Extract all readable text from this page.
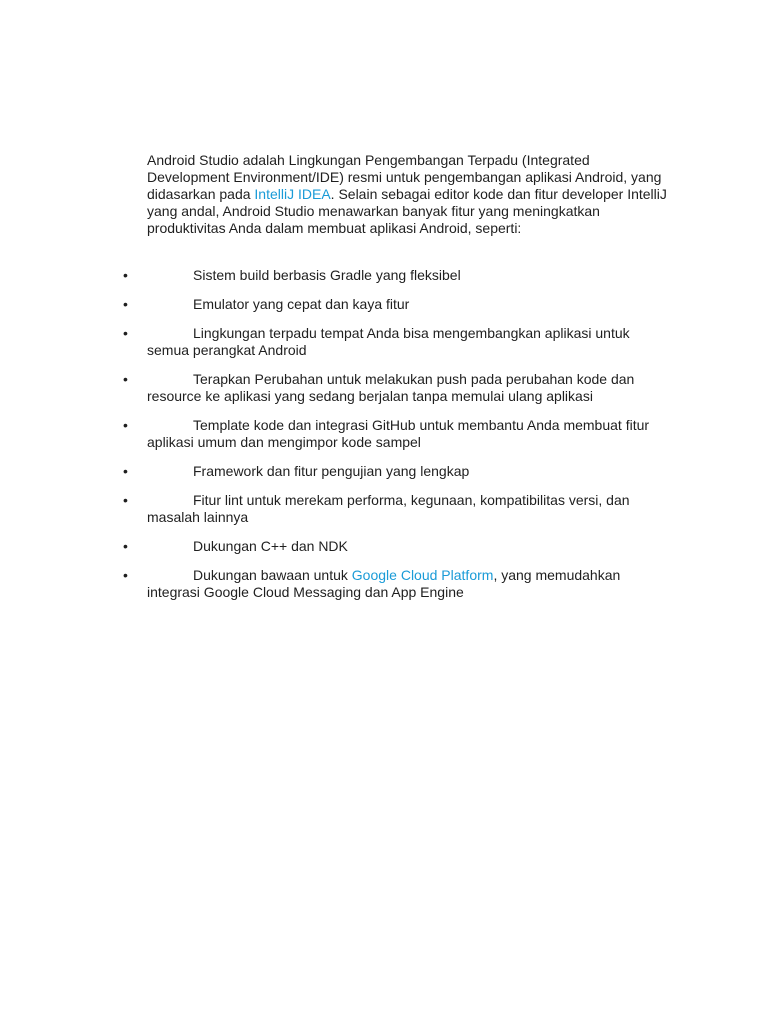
Android Studio adalah Lingkungan Pengembangan Terpadu (Integrated Development Environment/IDE) resmi untuk pengembangan aplikasi Android, yang didasarkan pada IntelliJ IDEA. Selain sebagai editor kode dan fitur developer IntelliJ yang andal, Android Studio menawarkan banyak fitur yang meningkatkan produktivitas Anda dalam membuat aplikasi Android, seperti:

•	Sistem build berbasis Gradle yang fleksibel
•	Emulator yang cepat dan kaya fitur
•	Lingkungan terpadu tempat Anda bisa mengembangkan aplikasi untuk semua perangkat Android
•	Terapkan Perubahan untuk melakukan push pada perubahan kode dan resource ke aplikasi yang sedang berjalan tanpa memulai ulang aplikasi
•	Template kode dan integrasi GitHub untuk membantu Anda membuat fitur aplikasi umum dan mengimpor kode sampel
•	Framework dan fitur pengujian yang lengkap
•	Fitur lint untuk merekam performa, kegunaan, kompatibilitas versi, dan masalah lainnya
•	Dukungan C++ dan NDK
•	Dukungan bawaan untuk Google Cloud Platform, yang memudahkan integrasi Google Cloud Messaging dan App Engine
